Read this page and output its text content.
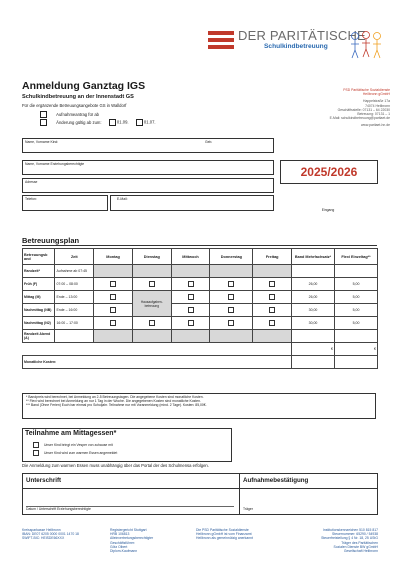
DER PARITÄTISCHE
Schulkindbetreuung
Anmeldung Ganztag IGS
Schulkindbetreuung an der Innenstadt GS
Für die ergänzende Betreuungsangebote GS in Walldorf
Aufnahmeantrag für ab
Änderung gültig ab zum:	01.09.	01.07.
PSD Paritätische Sozialdienste
Heilbronn gGmbH
Happelstraße 17a
74074 Heilbronn
Geschäftsstelle: 07131 – 64 22030
Betreuung: 07131 – 1
E-Mail: schulkindbetreuung@paritaet.de
www.paritaet-hn.de
Name, Vorname Kind:	Geb.
Name, Vorname Erziehungsberechtigte
Adresse
Telefon:	E-Mail:
2025/2026
Eingang
Betreuungsplan
Betreuungsb and	Zeit	Montag	Dienstag	Mittwoch	Donnerstag	Freitag	Band Mehrfachsatz*	Flexi Einzeltag**
Randzeit*	Aufnahme ab 07:45							
Früh (F)	07:00 – 08:00						26,00	5,00
Mittag (M)	Ende – 13:00		Hausaufgaben-betreuung				26,00	5,00
Nachmittag (NB)	Ende – 16:00						30,00	5,00
Nachmittag (N2)	16:00 – 17:00						30,00	5,00
Randzeit Abend (A)								
							€	€
Monatliche Kosten:								
* Bandpreis wird berechnet, bei Anmeldung an 2-5 Betreuungstagen. Die angegebene Kosten sind monatliche Kosten.
** Flexi wird berechnet bei Anmeldung an nur 1 Tag in der Woche. Die angegebenen Kosten sind monatliche Kosten.
*** Band (Ohne Ferien) Euch bar einmal pro Schuljahr. Teilnahme nur mit Voranmeldung (mind. 2 Tage). Kosten: 85,00€.
Teilnahme am Mittagessen*
Unser Kind bringt ein Vesper von zuhause mit
Unser Kind wird zum warmen Essen angemeldet
Die Anmeldung zum warmen Essen muss unabhängig über das Portal der des Schulmensa erfolgen.
Unterschrift	Aufnahmebestätigung
Datum / Unterschrift Erziehungsberechtigte	Träger
Kreissparkasse Heilbronn
IBAN: DE07 6205 0000 0001 1470 18
SWIFT-BIC: HEISDE66XXX
Registergericht Stuttgart
HRB 106813
Alleinvertretungsberechtigter
Geschäftsführer:
Götz Olbert
Diplom-Kaufmann
Die PSD Paritätische Sozialdienste
Heilbronn gGmbH ist vom Finanzamt
Heilbronn als gemeinnützig anerkannt
Institutionskennzeichen 510 815 817
Steuernummer: 65290 / 54938
Steuerfreistellung § 4 Nr. 18, 25 UStG
Träger des Paritätischen
Sozialen Dienste BW gGmbH
Gesellschaft Heilbronn
